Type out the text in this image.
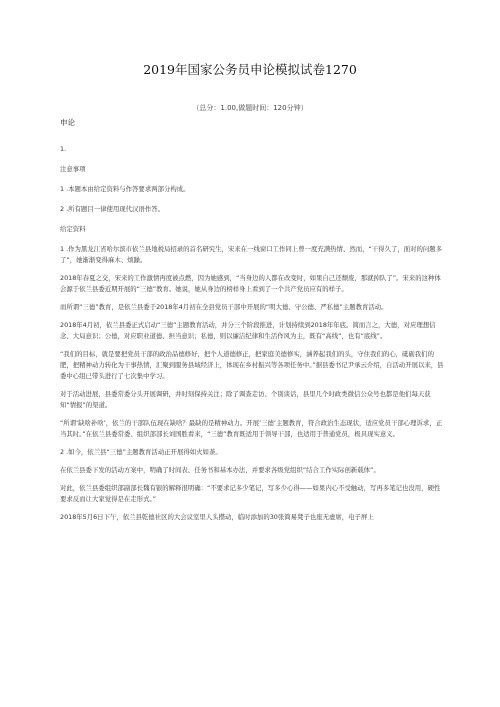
2019年国家公务员申论模拟试卷1270
（总分：1.00,做题时间：120分钟）

申论

1.

注意事项

1 .本题本由给定资料与作答要求两部分构成。

2 .所有题目一律使用现代汉语作答。

给定资料

1 .作为黑龙江省哈尔滨市依兰县地税局招录的首名研究生，宋来在一线窗口工作同上曾一度充满热情、然而，“干得久了，面对的问题多了”，她渐渐变得麻木、烦躁。

2018年春夏之交，宋来的工作激情再度被点燃，因为她感到，“当身边的人都在改变时，如果自己还颓废，那就掉队了”。宋来的这种体会源于依兰县委近期开展的“三德”教育。她说，她从身边的榜样身上看到了一个共产党员应有的样子。

而所谓“三德”教育，是依兰县委于2018年4月初在全县党员干部中开展的“明大德、守公德、严私德”主题教育活动。

2018年4月初，依兰县委正式启动“三德”主题教育活动，并分三个阶段推进，计划持续到2018年年底。简而言之，大德，对应理想信念、大局意识；公德，对应职业道德、担当意识；私德，则以廉洁纪律和生活作风为主，既有“高线”，也有“底线”。

“我们的目标，就是要把党员干部的政治品德修好，把个人道德修正，把家庭美德修实，涵养起我们的头，守住我们的心，砥砺我们的肥，把精神动力转化为干事热情，汇聚到服务县域经济上，体现在乡村振兴等各项任务中。”据县委书记尹承云介绍，自活动开展以来，县委中心组已带头进行了七次集中学习。

对于活动进展，县委常委分头开展调研，并时刻保持关注；除了调查走访、个别谈话，县里几个时政类微信公众号也都是他们每天获知“情报”的渠道。

“所谓‘缺啥补啥’，依兰的干部队伍现在缺啥？最缺的是精神动力。开展‘三德’主题教育，符合政治生态现状，适应党员干部心理诉求，正当其时。”在依兰县委常委、组织部部长刘国胜看来，“三德”教育既适用于领导干部，也适用于普通党员，极具现实意义。

2 .如今，依兰县“三德”主题教育活动正开展得如火如荼。

在依兰县委下发的活动方案中，明确了时间表、任务书和基本办法，并要求各级党组织“结合工作实际创新载体”。

对此，依兰县委组织部副部长魏有银的解释很明确：“不要求记多少笔记，写多少心得——如果内心不受触动，写再多笔记也没用，硬性要求反而让大家觉得是在走形式。”

2018年5月6日下午，依兰县乾德社区的大会议室里人头攒动，临时添加的30张简易凳子也座无虚席，电子屏上
